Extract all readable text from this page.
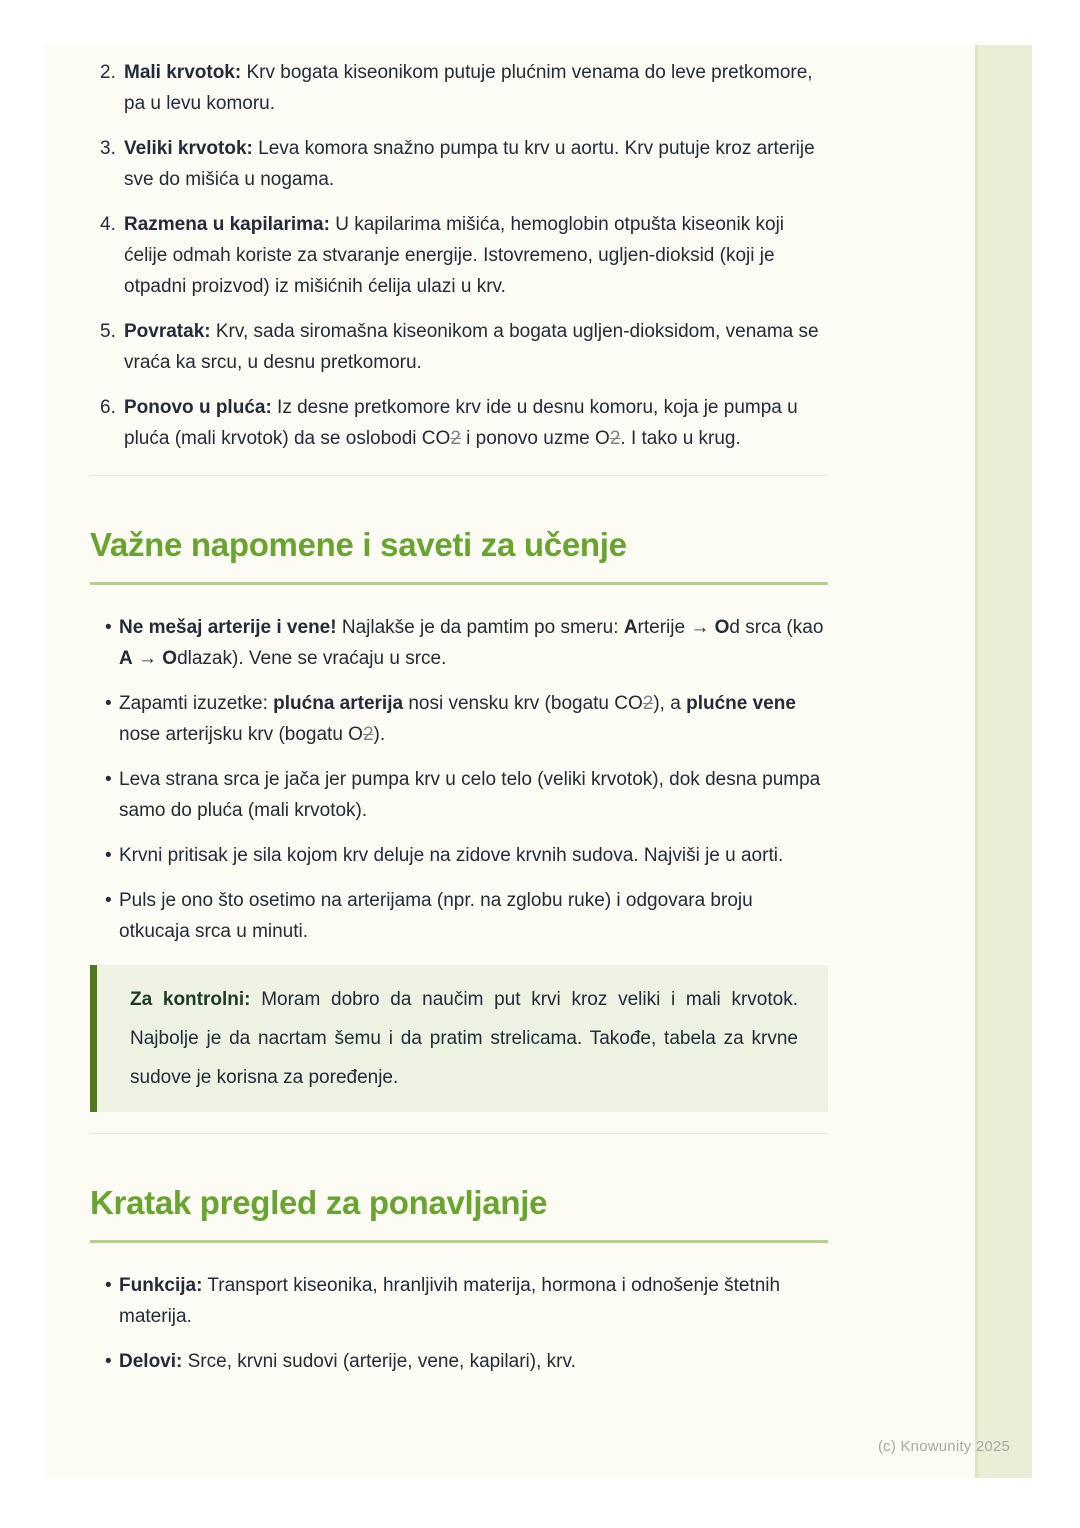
2. Mali krvotok: Krv bogata kiseonikom putuje plućnim venama do leve pretkomore, pa u levu komoru.
3. Veliki krvotok: Leva komora snažno pumpa tu krv u aortu. Krv putuje kroz arterije sve do mišića u nogama.
4. Razmena u kapilarima: U kapilarima mišića, hemoglobin otpušta kiseonik koji ćelije odmah koriste za stvaranje energije. Istovremeno, ugljen-dioksid (koji je otpadni proizvod) iz mišićnih ćelija ulazi u krv.
5. Povratak: Krv, sada siromašna kiseonikom a bogata ugljen-dioksidom, venama se vraća ka srcu, u desnu pretkomoru.
6. Ponovo u pluća: Iz desne pretkomore krv ide u desnu komoru, koja je pumpa u pluća (mali krvotok) da se oslobodi CO2 i ponovo uzme O2. I tako u krug.
Važne napomene i saveti za učenje
• Ne mešaj arterije i vene! Najlakše je da pamtim po smeru: Arterije → Od srca (kao A → Odlazak). Vene se vraćaju u srce.
• Zapamti izuzetke: plućna arterija nosi vensku krv (bogatu CO2), a plućne vene nose arterijsku krv (bogatu O2).
• Leva strana srca je jača jer pumpa krv u celo telo (veliki krvotok), dok desna pumpa samo do pluća (mali krvotok).
• Krvni pritisak je sila kojom krv deluje na zidove krvnih sudova. Najviši je u aorti.
• Puls je ono što osetimo na arterijama (npr. na zglobu ruke) i odgovara broju otkucaja srca u minuti.

Za kontrolni: Moram dobro da naučim put krvi kroz veliki i mali krvotok. Najbolje je da nacrtam šemu i da pratim strelicama. Takođe, tabela za krvne sudove je korisna za poređenje.

Kratak pregled za ponavljanje
• Funkcija: Transport kiseonika, hranljivih materija, hormona i odnošenje štetnih materija.
• Delovi: Srce, krvni sudovi (arterije, vene, kapilari), krv.
(c) Knowunity 2025
